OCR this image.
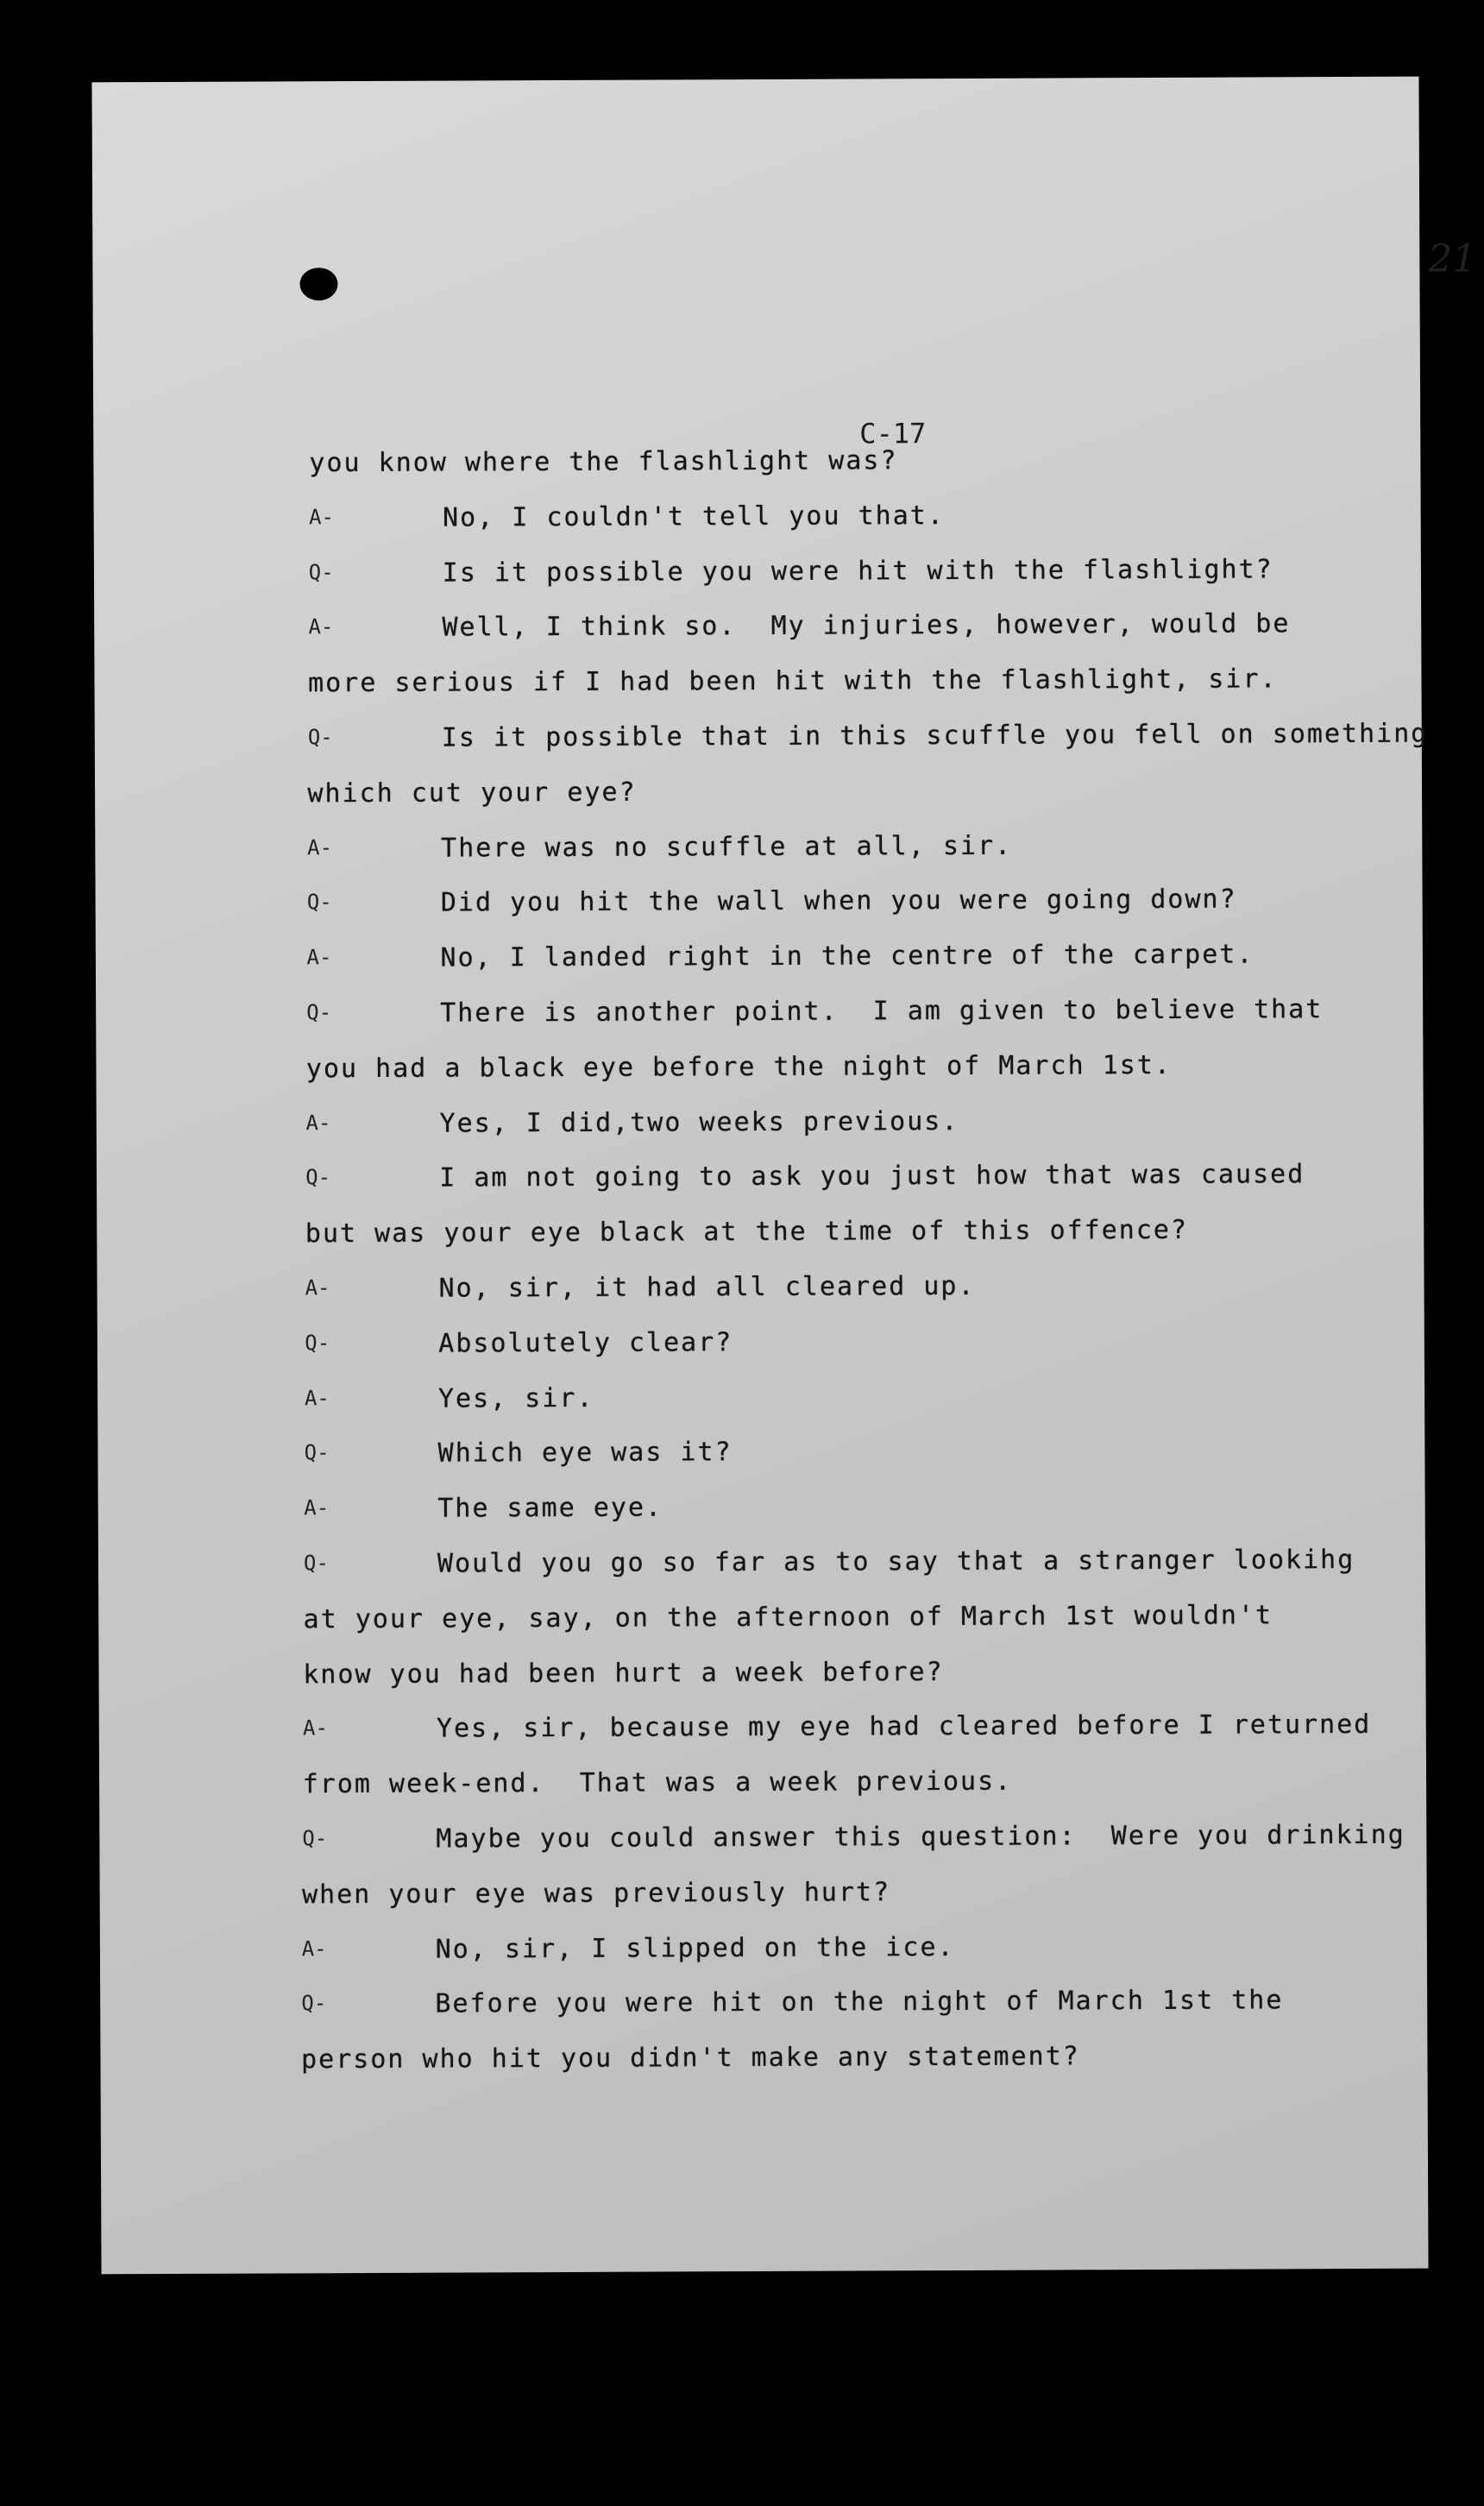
21
C-17
you know where the flashlight was?
A-	No, I couldn't tell you that.
Q-	Is it possible you were hit with the flashlight?
A-	Well, I think so.  My injuries, however, would be
more serious if I had been hit with the flashlight, sir.
Q-	Is it possible that in this scuffle you fell on something
which cut your eye?
A-	There was no scuffle at all, sir.
Q-	Did you hit the wall when you were going down?
A-	No, I landed right in the centre of the carpet.
Q-	There is another point.  I am given to believe that
you had a black eye before the night of March 1st.
A-	Yes, I did,two weeks previous.
Q-	I am not going to ask you just how that was caused
but was your eye black at the time of this offence?
A-	No, sir, it had all cleared up.
Q-	Absolutely clear?
A-	Yes, sir.
Q-	Which eye was it?
A-	The same eye.
Q-	Would you go so far as to say that a stranger lookihg
at your eye, say, on the afternoon of March 1st wouldn't
know you had been hurt a week before?
A-	Yes, sir, because my eye had cleared before I returned
from week-end.  That was a week previous.
Q-	Maybe you could answer this question:  Were you drinking
when your eye was previously hurt?
A-	No, sir, I slipped on the ice.
Q-	Before you were hit on the night of March 1st the
person who hit you didn't make any statement?
